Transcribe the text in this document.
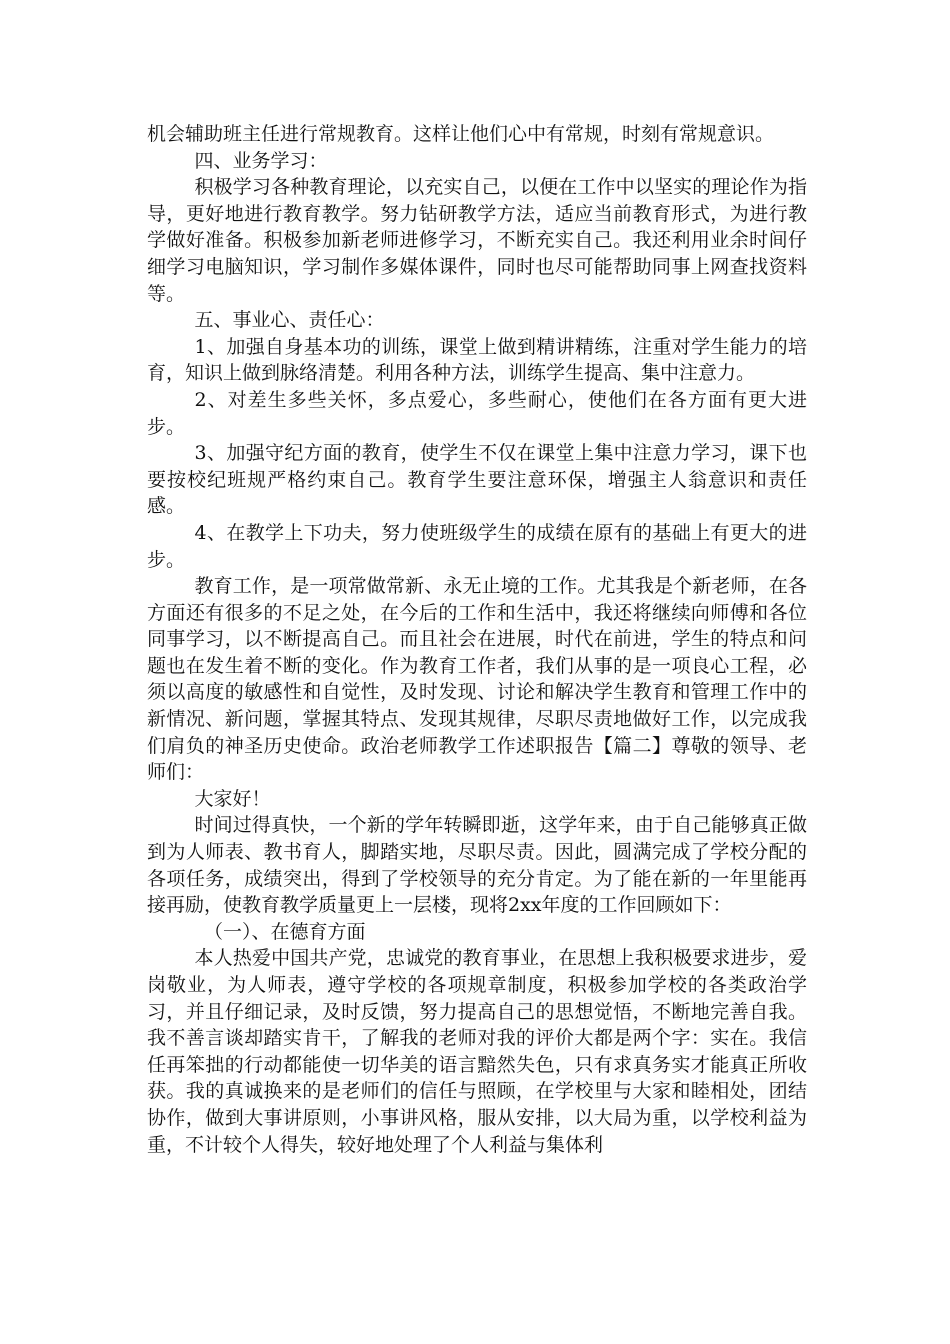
机会辅助班主任进行常规教育。这样让他们心中有常规，时刻有常规意识。

四、业务学习：

积极学习各种教育理论，以充实自己，以便在工作中以坚实的理论作为指导，更好地进行教育教学。努力钻研教学方法，适应当前教育形式，为进行教学做好准备。积极参加新老师进修学习，不断充实自己。我还利用业余时间仔细学习电脑知识，学习制作多媒体课件，同时也尽可能帮助同事上网查找资料等。

五、事业心、责任心：

1、加强自身基本功的训练，课堂上做到精讲精练，注重对学生能力的培育，知识上做到脉络清楚。利用各种方法，训练学生提高、集中注意力。

2、对差生多些关怀，多点爱心，多些耐心，使他们在各方面有更大进步。

3、加强守纪方面的教育，使学生不仅在课堂上集中注意力学习，课下也要按校纪班规严格约束自己。教育学生要注意环保，增强主人翁意识和责任感。

4、在教学上下功夫，努力使班级学生的成绩在原有的基础上有更大的进步。

教育工作，是一项常做常新、永无止境的工作。尤其我是个新老师，在各方面还有很多的不足之处，在今后的工作和生活中，我还将继续向师傅和各位同事学习，以不断提高自己。而且社会在进展，时代在前进，学生的特点和问题也在发生着不断的变化。作为教育工作者，我们从事的是一项良心工程，必须以高度的敏感性和自觉性，及时发现、讨论和解决学生教育和管理工作中的新情况、新问题，掌握其特点、发现其规律，尽职尽责地做好工作，以完成我们肩负的神圣历史使命。政治老师教学工作述职报告【篇二】尊敬的领导、老师们：

大家好！

时间过得真快，一个新的学年转瞬即逝，这学年来，由于自己能够真正做到为人师表、教书育人，脚踏实地，尽职尽责。因此，圆满完成了学校分配的各项任务，成绩突出，得到了学校领导的充分肯定。为了能在新的一年里能再接再励，使教育教学质量更上一层楼，现将2xx年度的工作回顾如下：

（一）、在德育方面

本人热爱中国共产党，忠诚党的教育事业，在思想上我积极要求进步，爱岗敬业，为人师表，遵守学校的各项规章制度，积极参加学校的各类政治学习，并且仔细记录，及时反馈，努力提高自己的思想觉悟，不断地完善自我。我不善言谈却踏实肯干，了解我的老师对我的评价大都是两个字：实在。我信任再笨拙的行动都能使一切华美的语言黯然失色，只有求真务实才能真正所收获。我的真诚换来的是老师们的信任与照顾，在学校里与大家和睦相处，团结协作，做到大事讲原则，小事讲风格，服从安排，以大局为重，以学校利益为重，不计较个人得失，较好地处理了个人利益与集体利
